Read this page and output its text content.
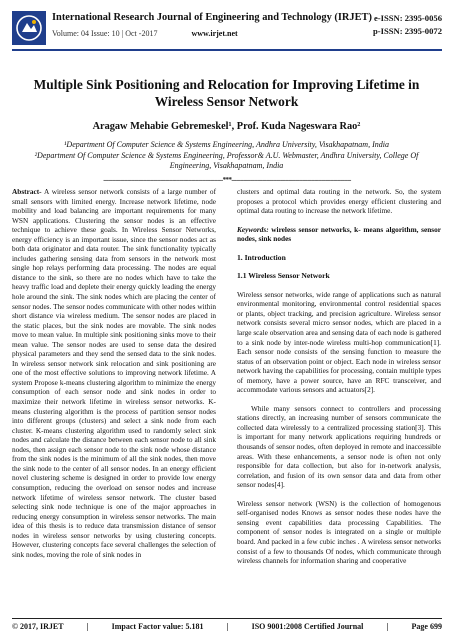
International Research Journal of Engineering and Technology (IRJET)
Volume: 04 Issue: 10 | Oct -2017	www.irjet.net
e-ISSN: 2395-0056
p-ISSN: 2395-0072
Multiple Sink Positioning and Relocation for Improving Lifetime in
Wireless Sensor Network
Aragaw Mehabie Gebremeskel¹, Prof. Kuda Nageswara Rao²
¹Department Of Computer Science & Systems Engineering, Andhra University, Visakhapatnam, India
²Department Of Computer Science & Systems Engineering, Professor& A.U. Webmaster, Andhra University, College Of Engineering, Visakhapatnam, India
---------------------------------------------------------------------***---------------------------------------------------------------------

Abstract- A wireless sensor network consists of a large number of small sensors with limited energy. Increase network lifetime, node mobility and load balancing are important requirements for many WSN applications. Clustering the sensor nodes is an effective technique to achieve these goals. In Wireless Sensor Networks, energy efficiency is an important issue, since the sensor nodes act as both data originator and data router. The sink functionality typically includes gathering sensing data from sensors in the network most single hop relays performing data processing. The nodes are equal distance to the sink, so there are no nodes which have to take the heavy traffic load and deplete their energy quickly leading the energy hole around the sink. The sink nodes which are placing the center of sensor nodes. The sensor nodes communicate with other nodes within short distance via wireless medium. The sensor nodes are placed in the static places, but the sink nodes are movable. The sink nodes move to mean value. In multiple sink positioning sinks move to their mean value. The sensor nodes are used to sense data the desired physical parameters and they send the sensed data to the sink nodes. In wireless sensor network sink relocation and sink positioning are one of the most effective solutions to improving network lifetime. A system Propose k-means clustering algorithm to minimize the energy consumption of each sensor node and sink nodes in order to maximize their network lifetime in wireless sensor networks. K-means clustering algorithm is the process of partition sensor nodes into different groups (clusters) and select a sink node from each cluster. K-means clustering algorithm used to randomly select sink nodes and calculate the distance between each sensor node to all sink nodes, then assign each sensor node to the sink node whose distance from the sink nodes is the minimum of all the sink nodes, then move the sink node to the center of all sensor nodes. In an energy efficient novel clustering scheme is designed in order to provide low energy consumption, reducing the overload on sensor nodes and increase network lifetime of wireless sensor network. The cluster based selecting sink node technique is one of the major approaches in reducing energy consumption in wireless sensor networks. The main idea of this thesis is to reduce data transmission distance of sensor nodes in wireless sensor networks by using clustering concepts. However, clustering concepts face several challenges the selection of sink nodes, moving the role of sink nodes in

clusters and optimal data routing in the network. So, the system proposes a protocol which provides energy efficient clustering and optimal data routing to increase the network lifetime.

Keywords: wireless sensor networks, k- means algorithm, sensor nodes, sink nodes

1. Introduction

1.1 Wireless Sensor Network

Wireless sensor networks, wide range of applications such as natural environmental monitoring, environmental control residential spaces or plants, object tracking, and precision agriculture. Wireless sensor network consists several micro sensor nodes, which are placed in a large scale observation area and sensing data of each node is gathered to a sink node by inter-node wireless multi-hop communication[1]. Each sensor node consists of the sensing function to measure the status of an observation point or object. Each node in wireless sensor network having the capabilities for processing, contain multiple types of memory, have a power source, have an RFC transceiver, and accommodate various sensors and actuators[2].

While many sensors connect to controllers and processing stations directly, an increasing number of sensors communicate the collected data wirelessly to a centralized processing station[3]. This is important for many network applications requiring hundreds or thousands of sensor nodes, often deployed in remote and inaccessible areas. With these enhancements, a sensor node is often not only responsible for data collection, but also for in-network analysis, correlation, and fusion of its own sensor data and data from other sensor nodes[4].

Wireless sensor network (WSN) is the collection of homogenous self-organised nodes Knows as sensor nodes these nodes have the sensing event capabilities data processing Capabilities. The component of sensor nodes is integrated on a single or multiple board. And packed in a few cubic inches . A wireless sensor networks consist of a few to thousands Of nodes, which communicate through wireless channels for information sharing and cooperative

© 2017, IRJET	|	Impact Factor value: 5.181	|	ISO 9001:2008 Certified Journal	|	Page 699
